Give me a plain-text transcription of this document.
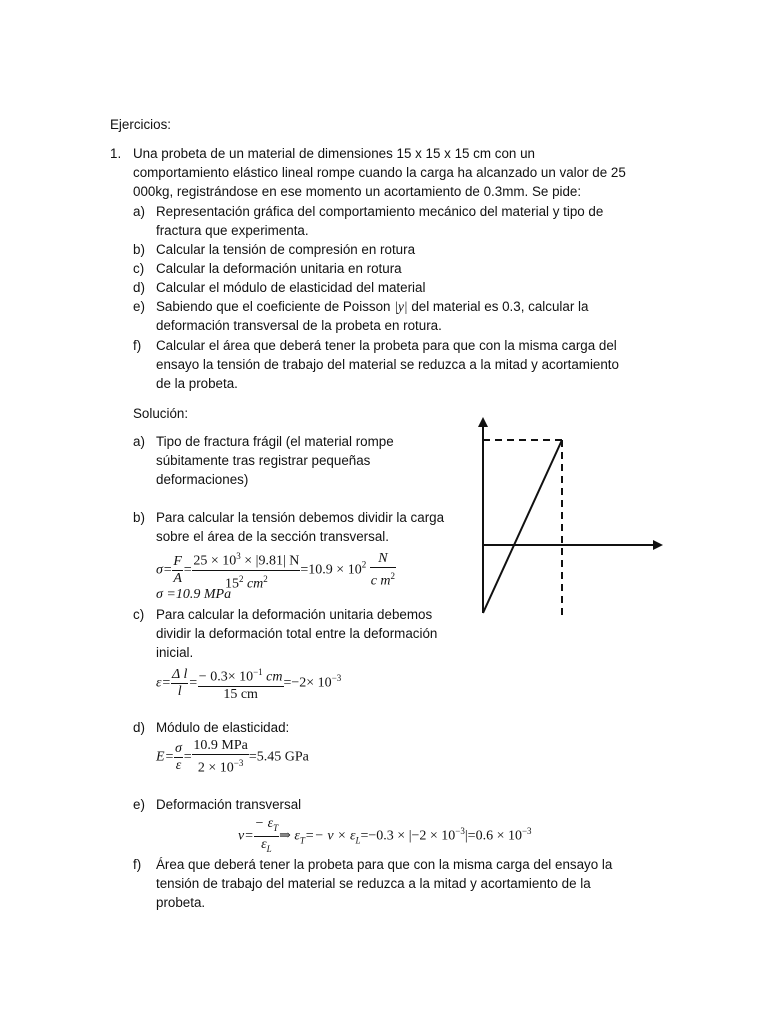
Ejercicios:
1. Una probeta de un material de dimensiones 15 x 15 x 15 cm con un
comportamiento elástico lineal rompe cuando la carga ha alcanzado un valor de 25
000kg, registrándose en ese momento un acortamiento de 0.3mm. Se pide:
a) Representación gráfica del comportamiento mecánico del material y tipo de
fractura que experimenta.
b) Calcular la tensión de compresión en rotura
c) Calcular la deformación unitaria en rotura
d) Calcular el módulo de elasticidad del material
e) Sabiendo que el coeficiente de Poisson |y| del material es 0.3, calcular la
deformación transversal de la probeta en rotura.
f) Calcular el área que deberá tener la probeta para que con la misma carga del
ensayo la tensión de trabajo del material se reduzca a la mitad y acortamiento
de la probeta.
Solución:
a) Tipo de fractura frágil (el material rompe
súbitamente tras registrar pequeñas
deformaciones)
b) Para calcular la tensión debemos dividir la carga
sobre el área de la sección transversal.
$\sigma= \frac{F}{A} = \frac{25 \times 10^3 \times |9.81| N}{15^2 cm^2} =10.9 \times 10^2 \frac{N}{c m^2}$
σ =10.9 MPa
c) Para calcular la deformación unitaria debemos
dividir la deformación total entre la deformación
inicial.
$\varepsilon= \frac{\text{Δ l}}{l} = \frac{- 0.3\times 10^{-1} cm}{15 cm} =-2\times 10^{-3}$
d) Módulo de elasticidad:
$E= \frac{\sigma}{\varepsilon} = \frac{\text{10.9 MPa}}{2 \times 10^{-3}} =5.45$ GPa
e) Deformación transversal
$v= \frac{- \varepsilon_T}{\varepsilon_L}$ ⇒ $\varepsilon_T=- v \times \varepsilon_L=-0.3 \times |-2 \times 10^{-3}|=0.6 \times 10^{-3}$
f) Área que deberá tener la probeta para que con la misma carga del ensayo la
tensión de trabajo del material se reduzca a la mitad y acortamiento de la
probeta.
